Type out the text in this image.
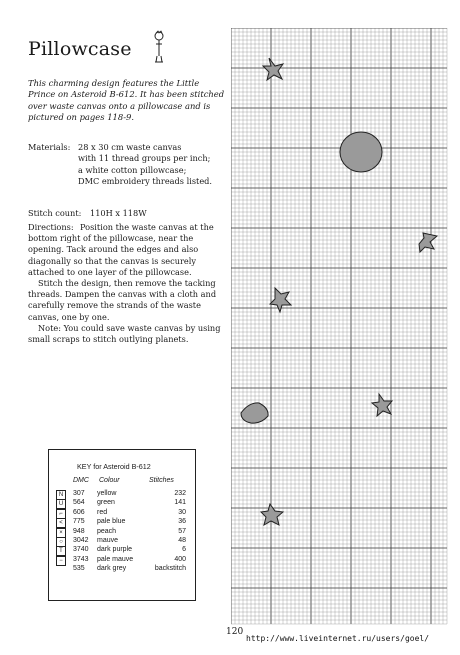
Pillowcase
This charming design features the Little Prince on Asteroid B-612. It has been stitched over waste canvas onto a pillowcase and is pictured on pages 118-9.
Materials: 28 x 30 cm waste canvas
with 11 thread groups per inch;
a white cotton pillowcase;
DMC embroidery threads listed.
Stitch count: 110H x 118W

Directions: Position the waste canvas at the bottom right of the pillowcase, near the opening. Tack around the edges and also diagonally so that the canvas is securely attached to one layer of the pillowcase.

Stitch the design, then remove the tacking threads. Dampen the canvas with a cloth and carefully remove the strands of the waste canvas, one by one.

Note: You could save waste canvas by using small scraps to stitch outlying planets.

KEY for Asteroid B-612
DMC Colour	Stitches
N	307 yellow	232
U	564 green	141
⌐	606 red	30
<	775 pale blue	36
×	948 peach	57
○	3042 mauve	48
T	3740 dark purple	6
−	3743 pale mauve	400
535 dark grey	backstitch
120
http://www.liveinternet.ru/users/goel/
